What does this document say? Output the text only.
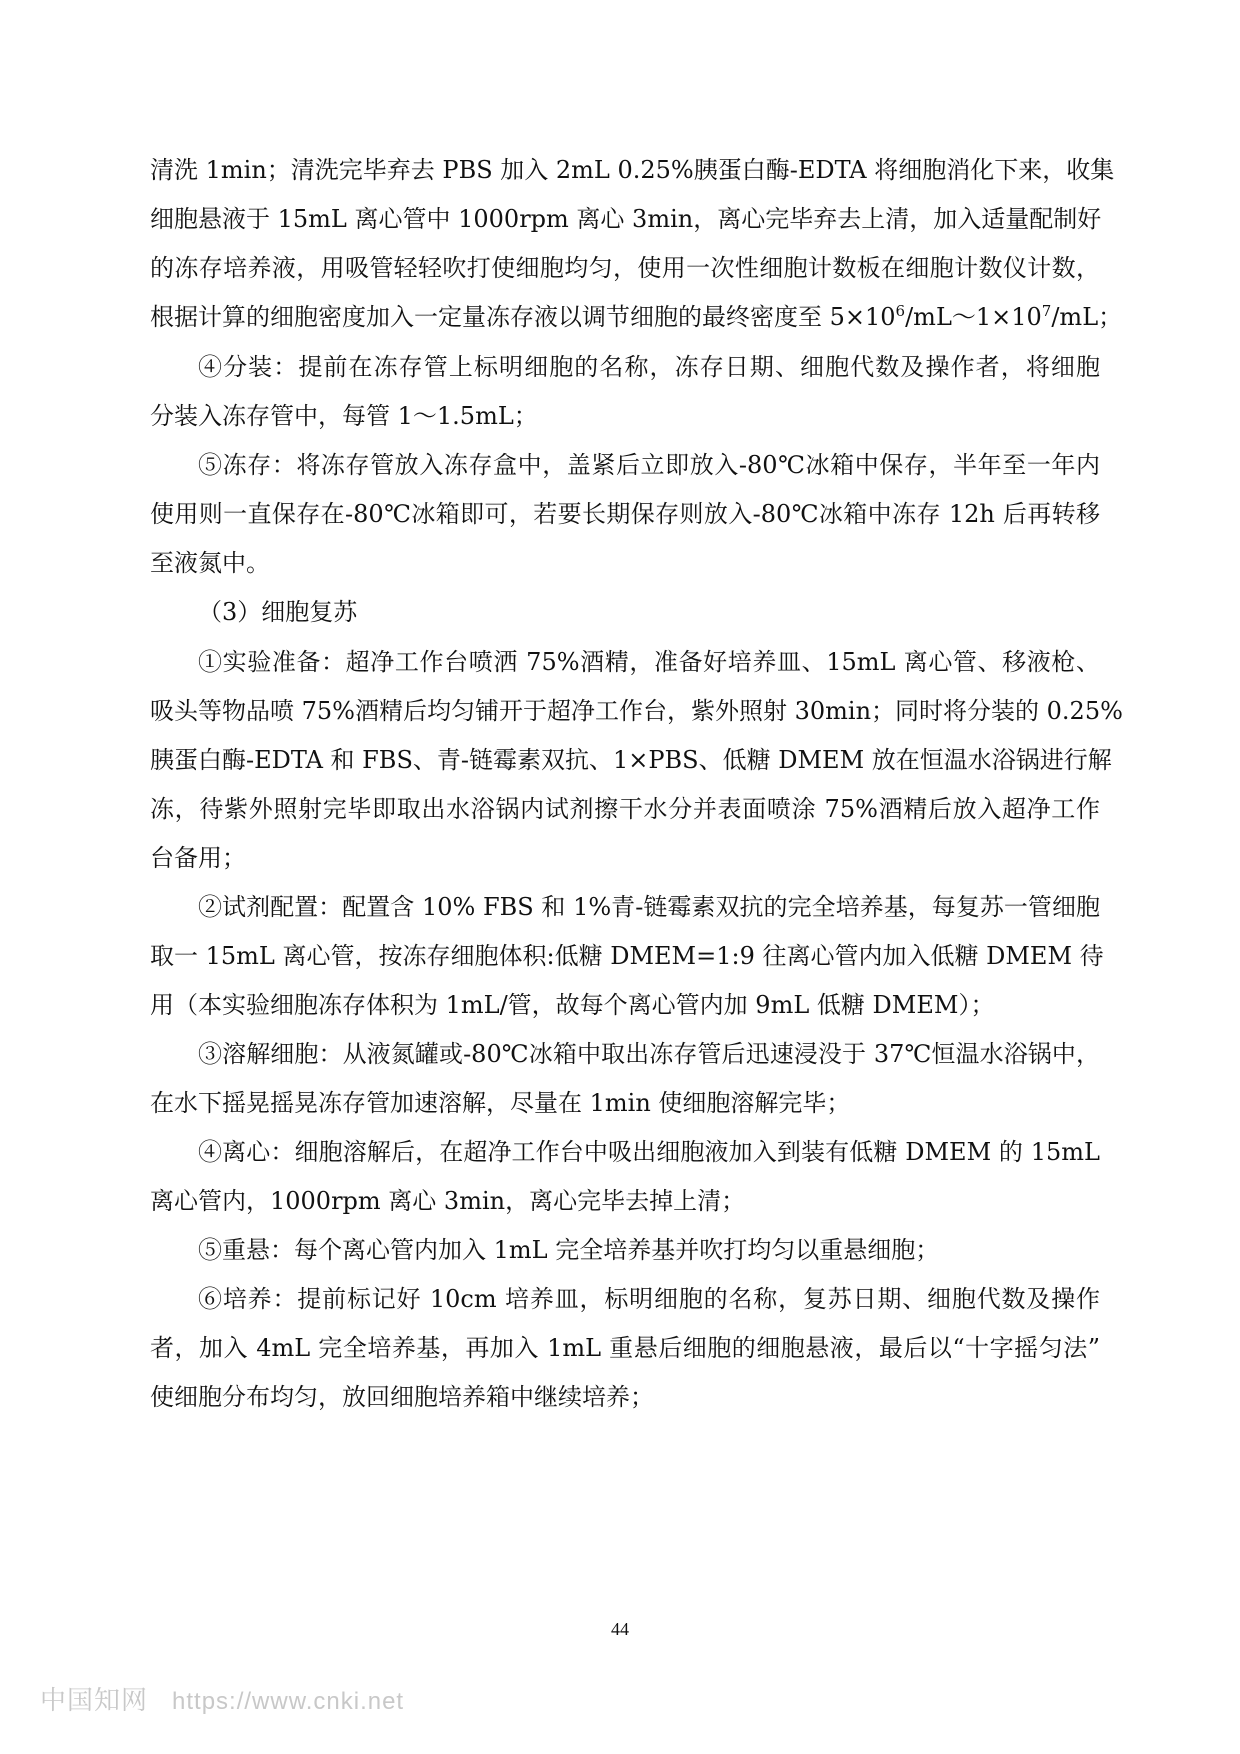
清洗 1min；清洗完毕弃去 PBS 加入 2mL 0.25%胰蛋白酶-EDTA 将细胞消化下来，收集
细胞悬液于 15mL 离心管中 1000rpm 离心 3min，离心完毕弃去上清，加入适量配制好
的冻存培养液，用吸管轻轻吹打使细胞均匀，使用一次性细胞计数板在细胞计数仪计数，
根据计算的细胞密度加入一定量冻存液以调节细胞的最终密度至 $5\times 10^6/mL\sim 1\times 10^7/mL$；
④分装：提前在冻存管上标明细胞的名称，冻存日期、细胞代数及操作者，将细胞
分装入冻存管中，每管 1～1.5mL；
⑤冻存：将冻存管放入冻存盒中，盖紧后立即放入-80℃冰箱中保存，半年至一年内
使用则一直保存在-80℃冰箱即可，若要长期保存则放入-80℃冰箱中冻存 12h 后再转移
至液氮中。
（3）细胞复苏
①实验准备：超净工作台喷洒 75%酒精，准备好培养皿、15mL 离心管、移液枪、
吸头等物品喷 75%酒精后均匀铺开于超净工作台，紫外照射 30min；同时将分装的 0.25%
胰蛋白酶-EDTA 和 FBS、青-链霉素双抗、1×PBS、低糖 DMEM 放在恒温水浴锅进行解
冻，待紫外照射完毕即取出水浴锅内试剂擦干水分并表面喷涂 75%酒精后放入超净工作
台备用；
②试剂配置：配置含 10% FBS 和 1%青-链霉素双抗的完全培养基，每复苏一管细胞
取一 15mL 离心管，按冻存细胞体积:低糖 DMEM=1:9 往离心管内加入低糖 DMEM 待
用（本实验细胞冻存体积为 1mL/管，故每个离心管内加 9mL 低糖 DMEM）；
③溶解细胞：从液氮罐或-80℃冰箱中取出冻存管后迅速浸没于 37℃恒温水浴锅中，
在水下摇晃摇晃冻存管加速溶解，尽量在 1min 使细胞溶解完毕；
④离心：细胞溶解后，在超净工作台中吸出细胞液加入到装有低糖 DMEM 的 15mL
离心管内，1000rpm 离心 3min，离心完毕去掉上清；
⑤重悬：每个离心管内加入 1mL 完全培养基并吹打均匀以重悬细胞；
⑥培养：提前标记好 10cm 培养皿，标明细胞的名称，复苏日期、细胞代数及操作
者，加入 4mL 完全培养基，再加入 1mL 重悬后细胞的细胞悬液，最后以“十字摇匀法”
使细胞分布均匀，放回细胞培养箱中继续培养；
44
中国知网 https://www.cnki.net
